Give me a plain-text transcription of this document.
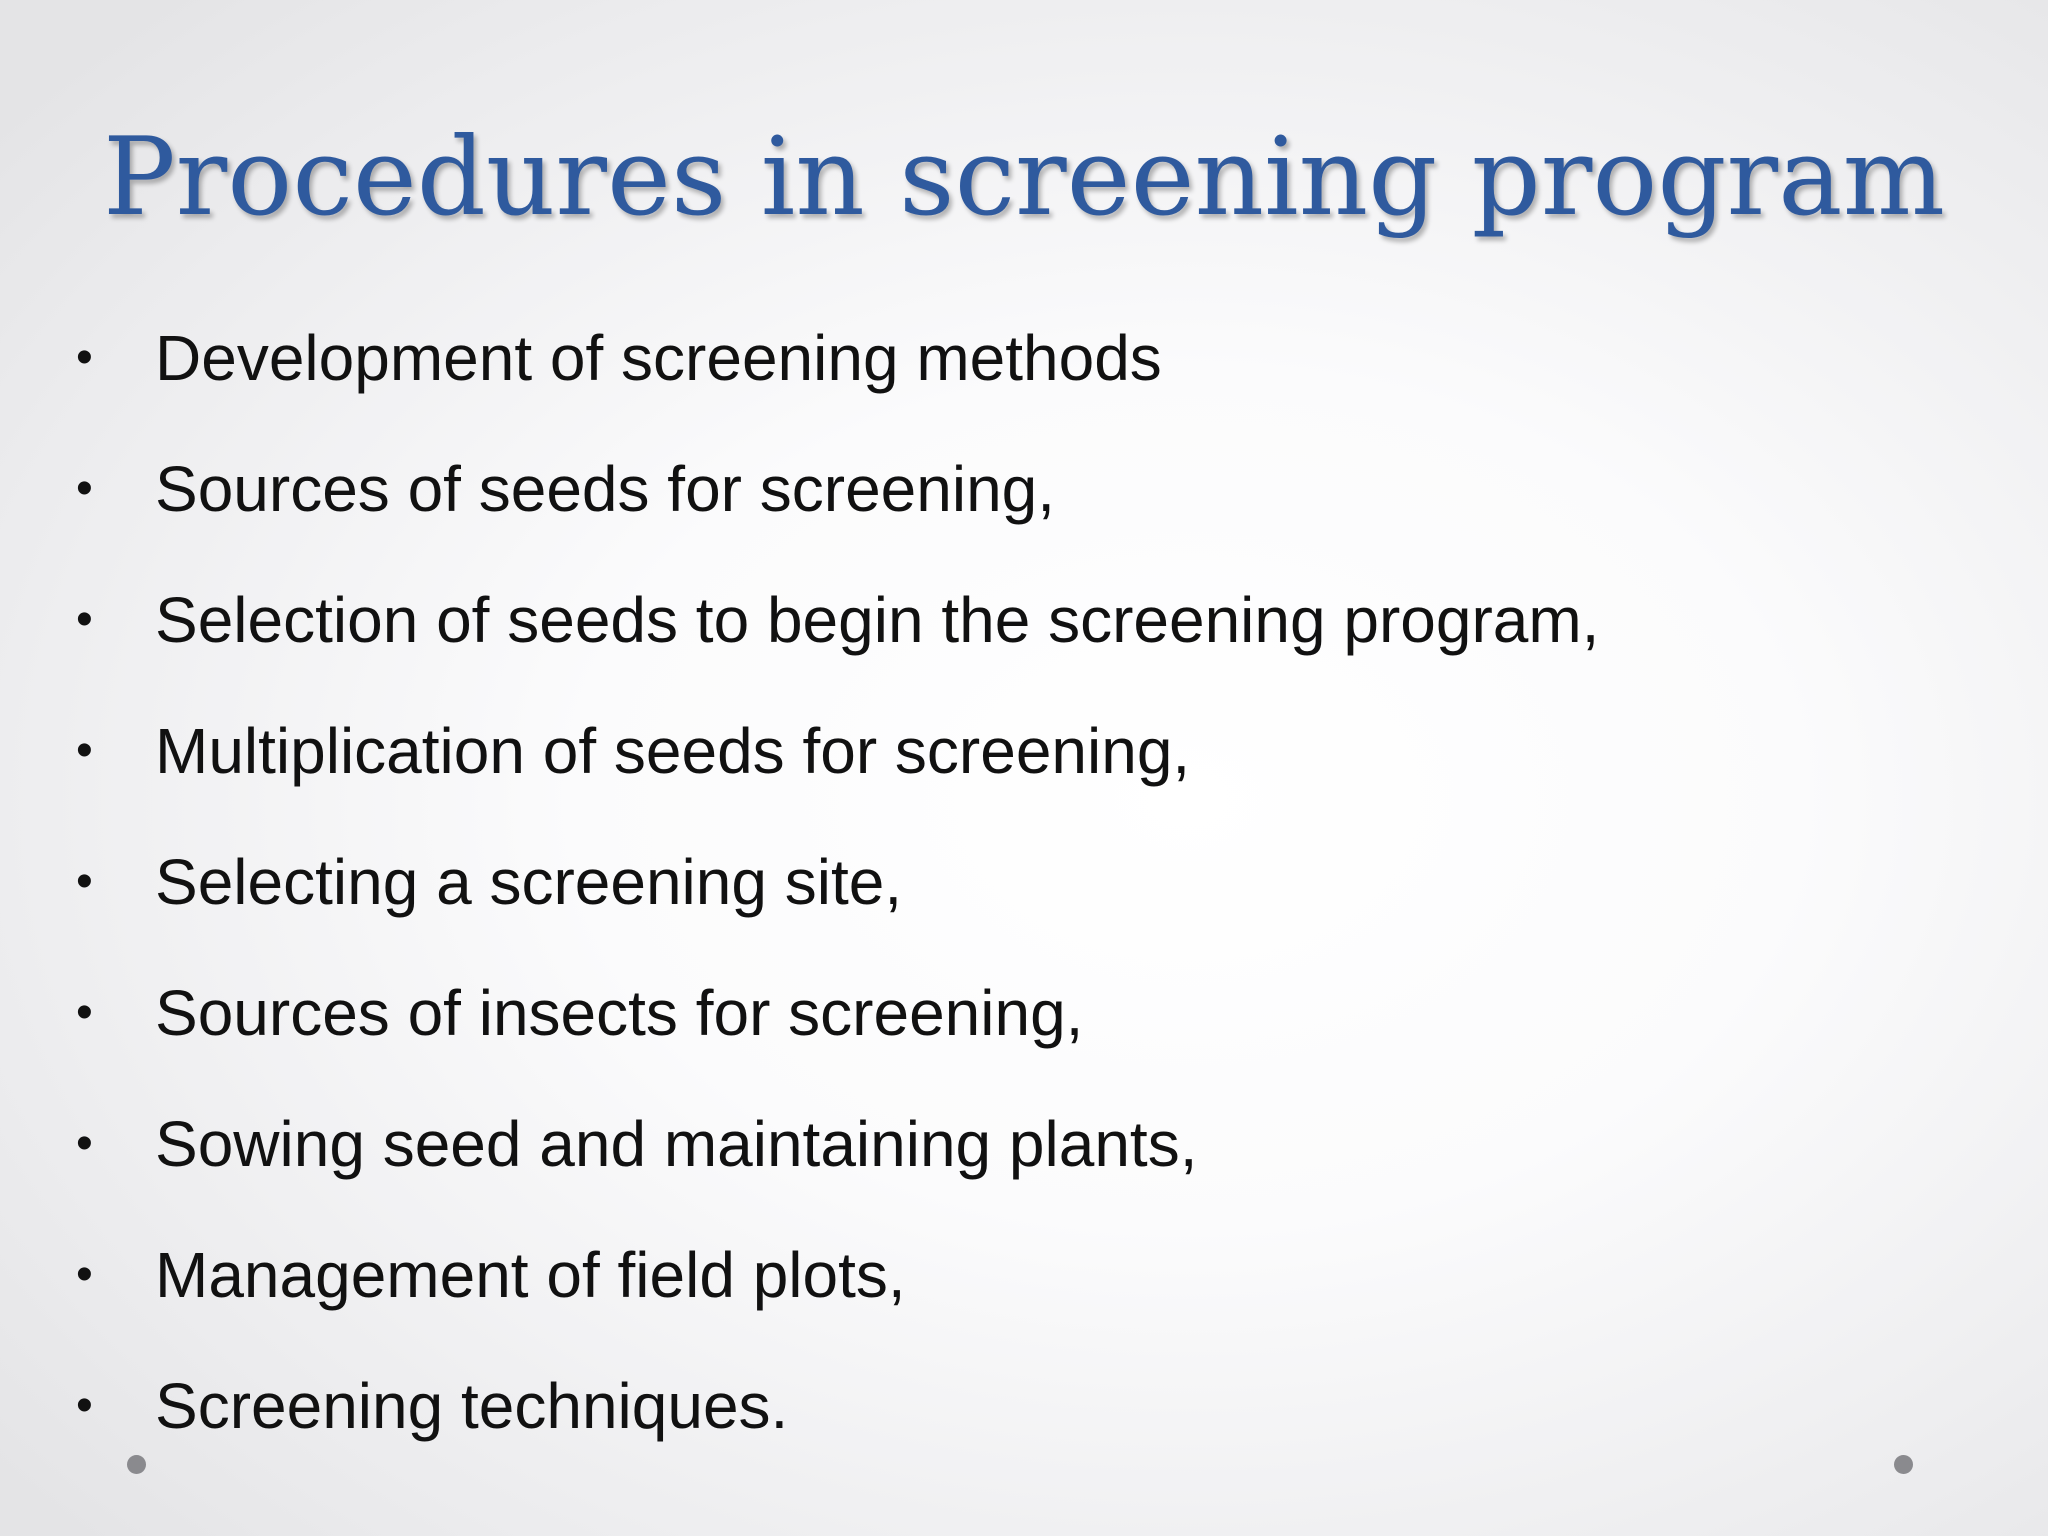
Procedures in screening program
• Development of screening methods
• Sources of seeds for screening,
• Selection of seeds to begin the screening program,
• Multiplication of seeds for screening,
• Selecting a screening site,
• Sources of insects for screening,
• Sowing seed and maintaining plants,
• Management of field plots,
• Screening techniques.
